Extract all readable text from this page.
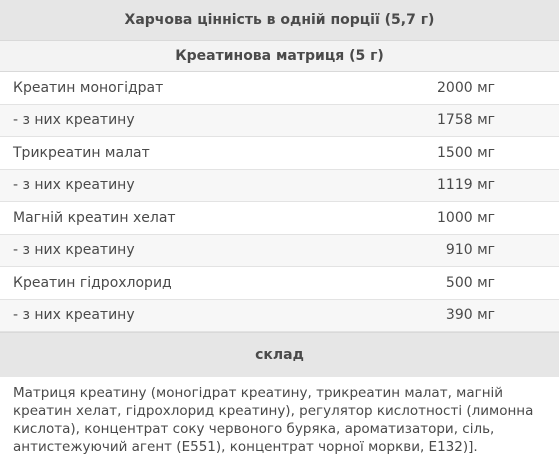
Харчова цінність в одній порції (5,7 г)
Креатинова матриця (5 г)
Креатин моногідрат	2000 мг
- з них креатину	1758 мг
Трикреатин малат	1500 мг
- з них креатину	1119 мг
Магній креатин хелат	1000 мг
- з них креатину	910 мг
Креатин гідрохлорид	500 мг
- з них креатину	390 мг
склад
Матриця креатину (моногідрат креатину, трикреатин малат, магній креатин хелат, гідрохлорид креатину), регулятор кислотності (лимонна кислота), концентрат соку червоного буряка, ароматизатори, сіль, антистежуючий агент (E551), концентрат чорної моркви, E132)].
